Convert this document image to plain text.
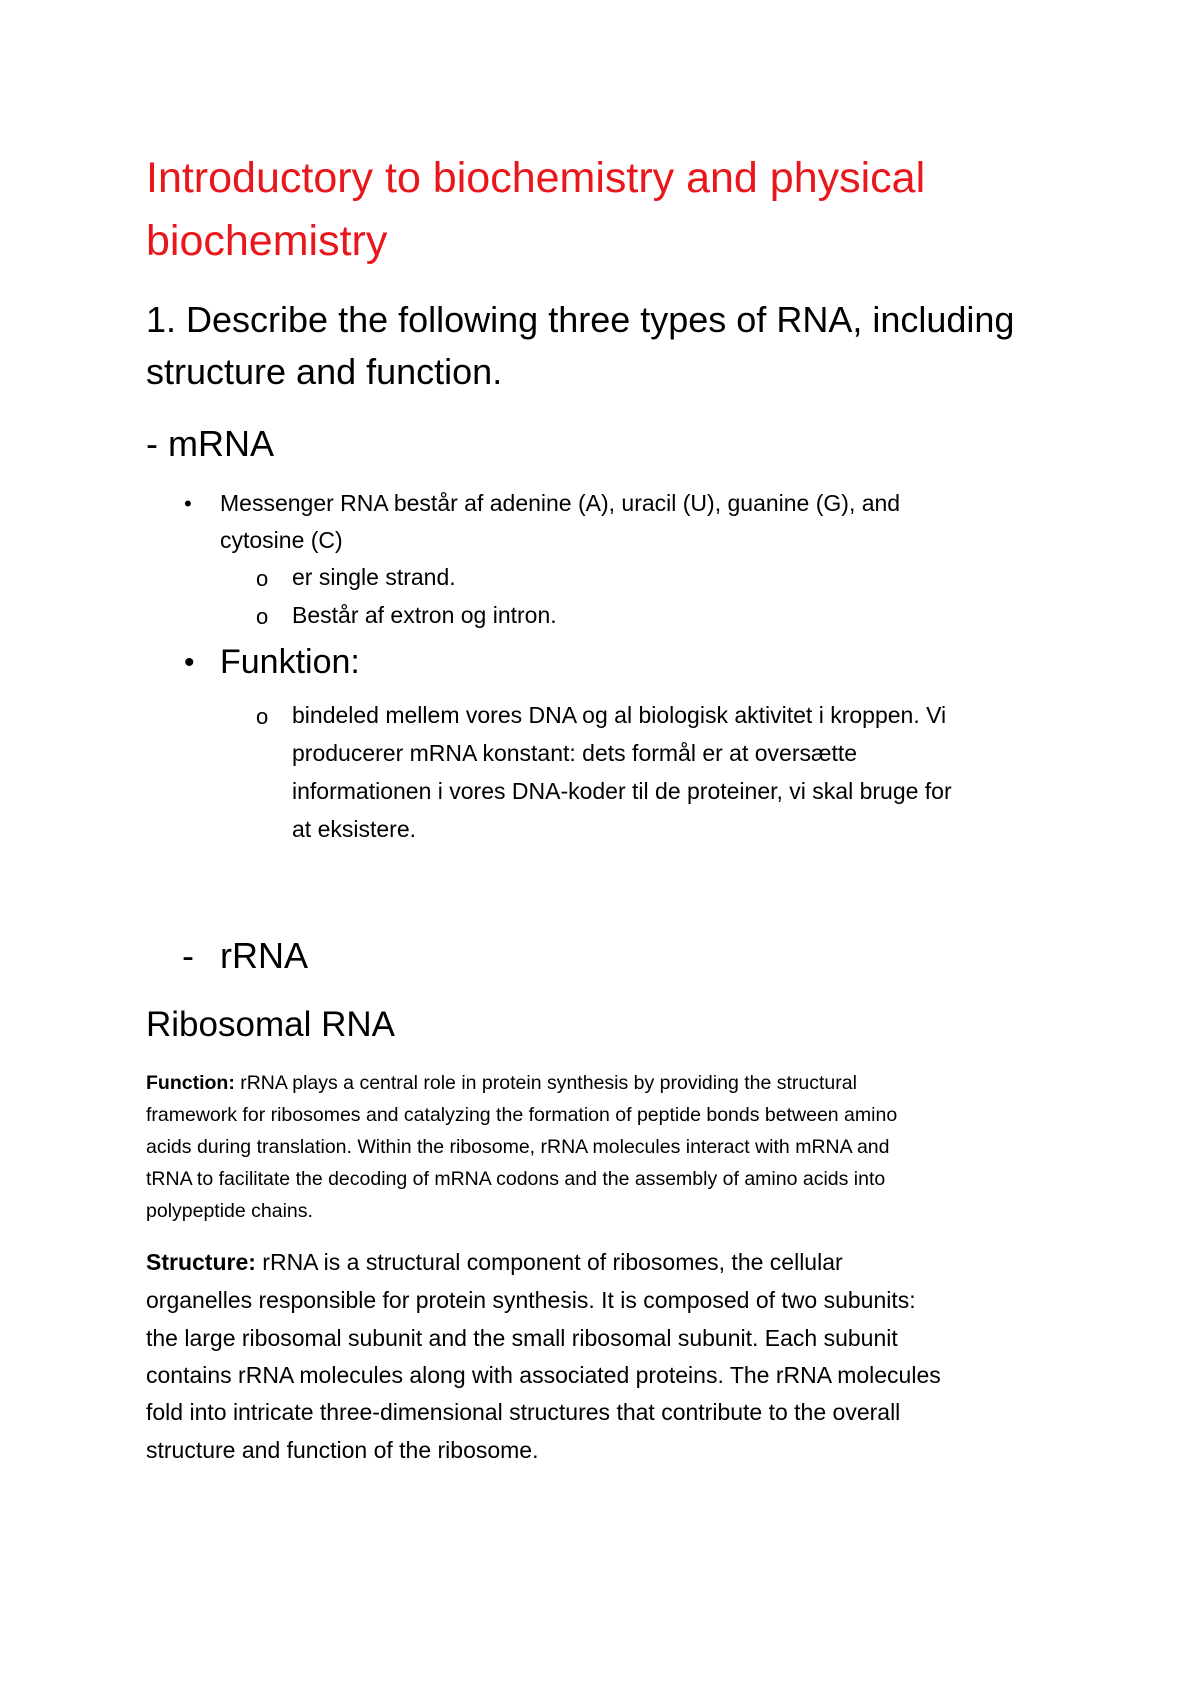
Introductory to biochemistry and physical

biochemistry

1. Describe the following three types of RNA, including

structure and function.

- mRNA

• Messenger RNA består af adenine (A), uracil (U), guanine (G), and

cytosine (C)

o er single strand.

o Består af extron og intron.

• Funktion:

o bindeled mellem vores DNA og al biologisk aktivitet i kroppen. Vi

producerer mRNA konstant: dets formål er at oversætte

informationen i vores DNA-koder til de proteiner, vi skal bruge for

at eksistere.

- rRNA

Ribosomal RNA

Function: rRNA plays a central role in protein synthesis by providing the structural

framework for ribosomes and catalyzing the formation of peptide bonds between amino

acids during translation. Within the ribosome, rRNA molecules interact with mRNA and

tRNA to facilitate the decoding of mRNA codons and the assembly of amino acids into

polypeptide chains.

Structure: rRNA is a structural component of ribosomes, the cellular

organelles responsible for protein synthesis. It is composed of two subunits:

the large ribosomal subunit and the small ribosomal subunit. Each subunit

contains rRNA molecules along with associated proteins. The rRNA molecules

fold into intricate three-dimensional structures that contribute to the overall

structure and function of the ribosome.
